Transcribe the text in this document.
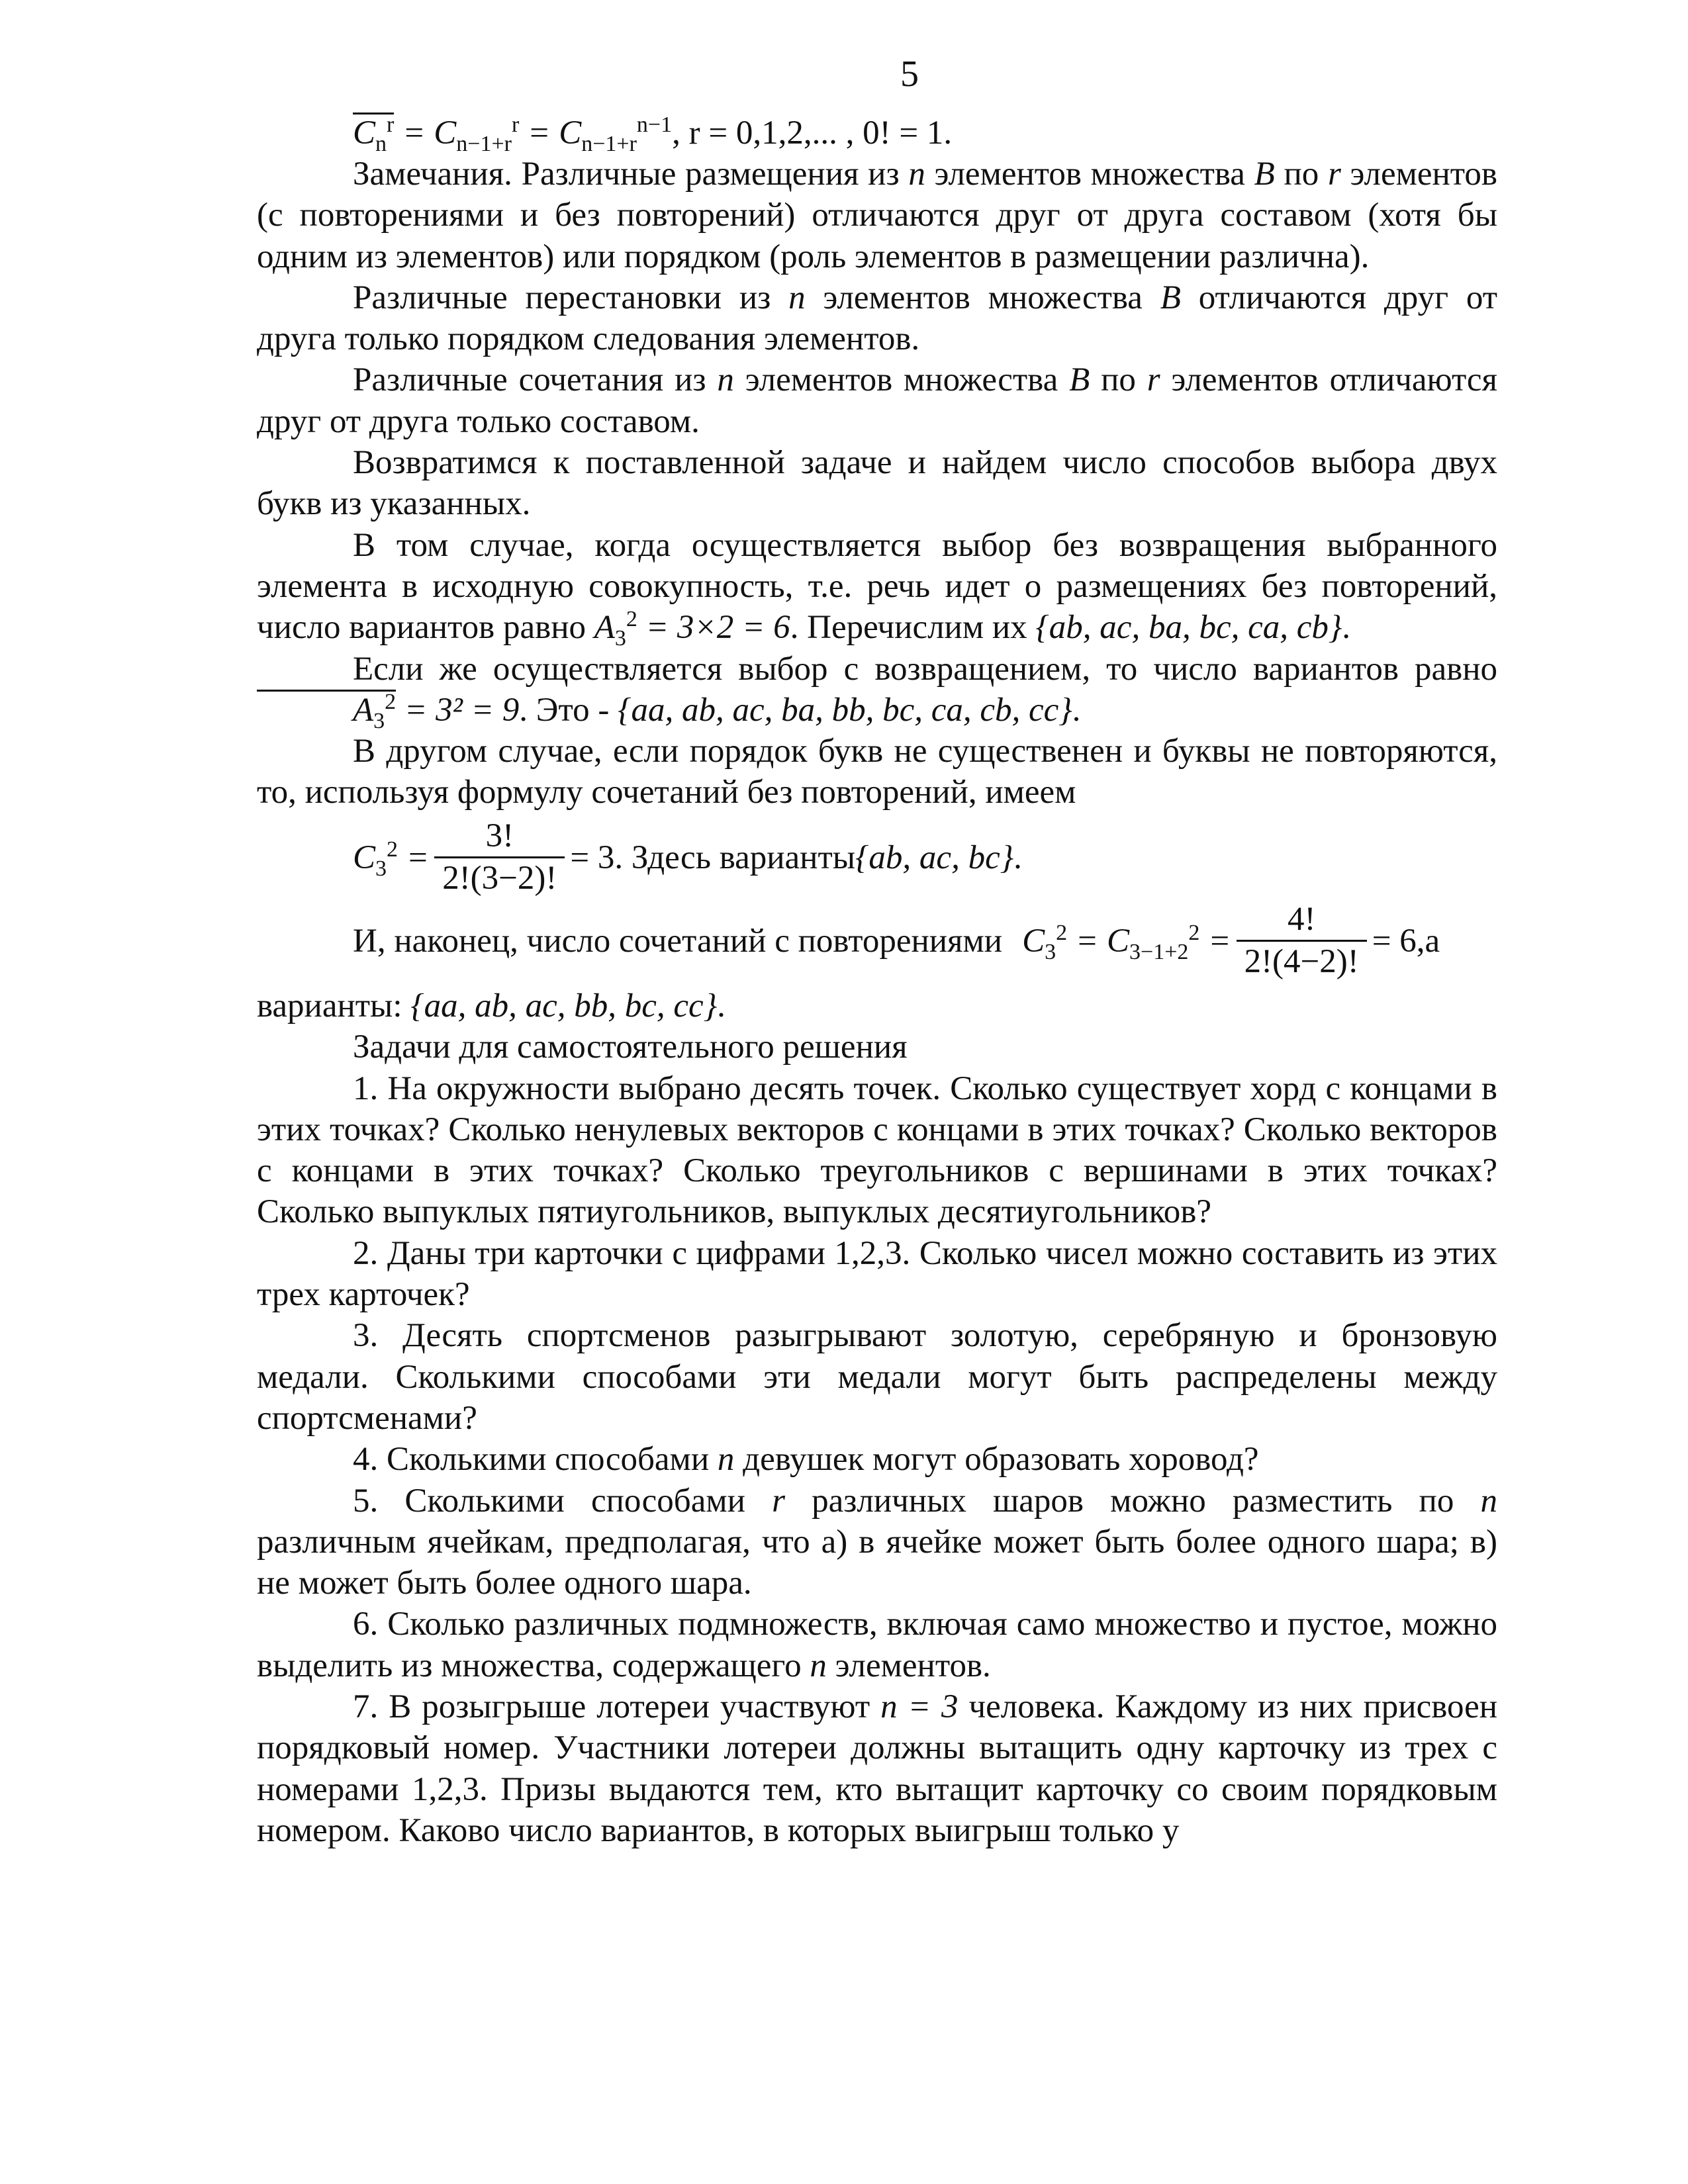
5
$C_n^r = C_{n-1+r}^r = C_{n-1+r}^{n-1}$, r = 0,1,2,... , 0! = 1.

Замечания. Различные размещения из n элементов множества B по r элементов (с повторениями и без повторений) отличаются друг от друга составом (хотя бы одним из элементов) или порядком (роль элементов в размещении различна).

Различные перестановки из n элементов множества B отличаются друг от друга только порядком следования элементов.

Различные сочетания из n элементов множества B по r элементов отличаются друг от друга только составом.

Возвратимся к поставленной задаче и найдем число способов выбора двух букв из указанных.

В том случае, когда осуществляется выбор без возвращения выбранного элемента в исходную совокупность, т.е. речь идет о размещениях без повторений, число вариантов равно $A_3^2 = 3\times 2 = 6$. Перечислим их {ab, ac, ba, bc, ca, cb}.

Если же осуществляется выбор с возвращением, то число вариантов равно $A_3^2 = 3^2 = 9$. Это - {aa, ab, ac, ba, bb, bc, ca, cb, cc}.

В другом случае, если порядок букв не существенен и буквы не повторяются, то, используя формулу сочетаний без повторений, имеем

$C_3^2 = \frac{3!}{2!(3-2)!} = 3$ . Здесь варианты {ab, ac, bc} .
И, наконец, число сочетаний с повторениями $C_3^2 = C_{3-1+2}^2 = \frac{4!}{2!(4-2)!} = 6$, а

варианты: {aa, ab, ac, bb, bc, cc}.

Задачи для самостоятельного решения

1. На окружности выбрано десять точек. Сколько существует хорд с концами в этих точках? Сколько ненулевых векторов с концами в этих точках? Сколько векторов с концами в этих точках? Сколько треугольников с вершинами в этих точках? Сколько выпуклых пятиугольников, выпуклых десятиугольников?

2. Даны три карточки с цифрами 1,2,3. Сколько чисел можно составить из этих трех карточек?

3. Десять спортсменов разыгрывают золотую, серебряную и бронзовую медали. Сколькими способами эти медали могут быть распределены между спортсменами?

4. Сколькими способами n девушек могут образовать хоровод?

5. Сколькими способами r различных шаров можно разместить по n различным ячейкам, предполагая, что а) в ячейке может быть более одного шара; в) не может быть более одного шара.

6. Сколько различных подмножеств, включая само множество и пустое, можно выделить из множества, содержащего n элементов.

7. В розыгрыше лотереи участвуют n = 3 человека. Каждому из них присвоен порядковый номер. Участники лотереи должны вытащить одну карточку из трех с номерами 1,2,3. Призы выдаются тем, кто вытащит карточку со своим порядковым номером. Каково число вариантов, в которых выигрыш только у
